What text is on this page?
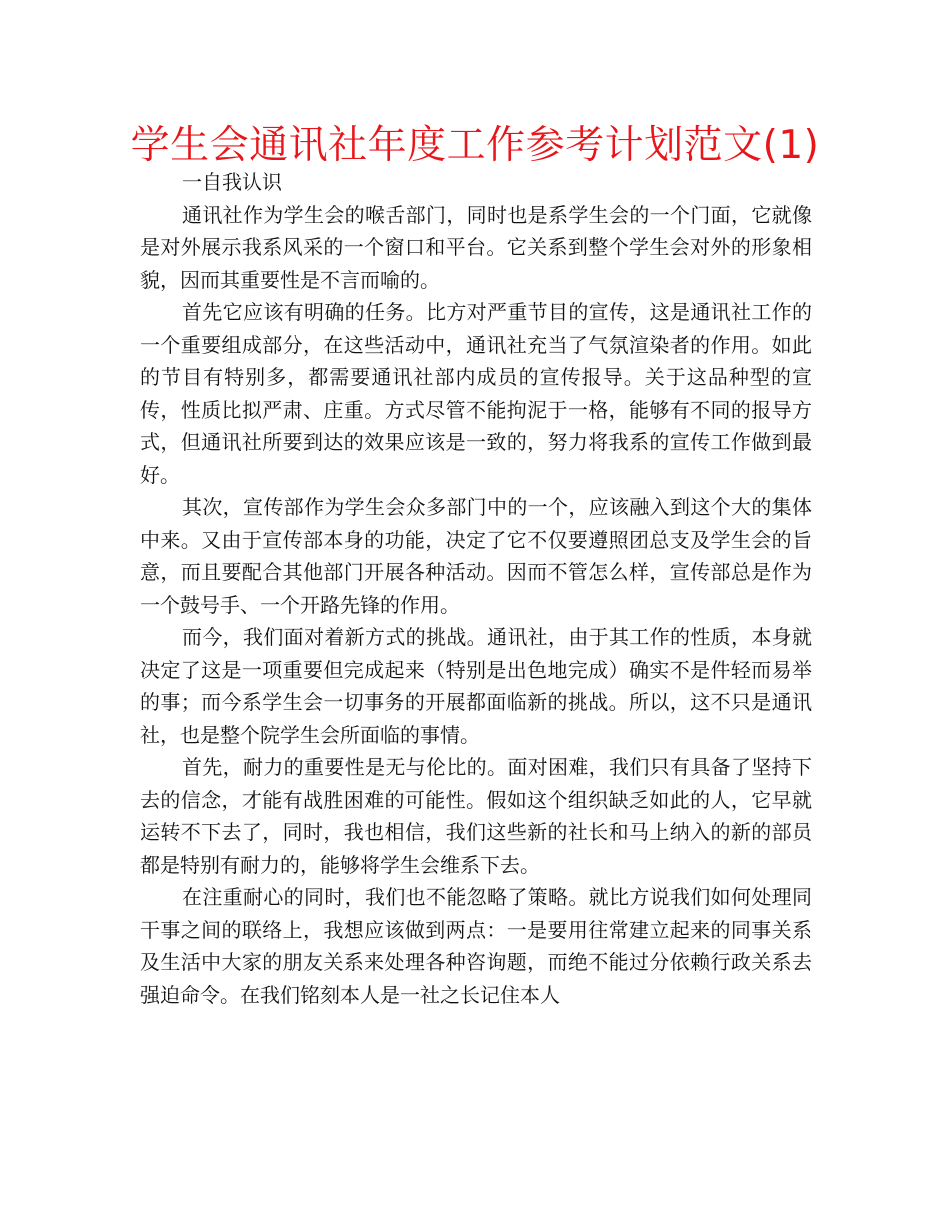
学生会通讯社年度工作参考计划范文(1)

一自我认识

通讯社作为学生会的喉舌部门，同时也是系学生会的一个门面，它就像是对外展示我系风采的一个窗口和平台。它关系到整个学生会对外的形象相貌，因而其重要性是不言而喻的。

首先它应该有明确的任务。比方对严重节目的宣传，这是通讯社工作的一个重要组成部分，在这些活动中，通讯社充当了气氛渲染者的作用。如此的节目有特别多，都需要通讯社部内成员的宣传报导。关于这品种型的宣传，性质比拟严肃、庄重。方式尽管不能拘泥于一格，能够有不同的报导方式，但通讯社所要到达的效果应该是一致的，努力将我系的宣传工作做到最好。

其次，宣传部作为学生会众多部门中的一个，应该融入到这个大的集体中来。又由于宣传部本身的功能，决定了它不仅要遵照团总支及学生会的旨意，而且要配合其他部门开展各种活动。因而不管怎么样，宣传部总是作为一个鼓号手、一个开路先锋的作用。

而今，我们面对着新方式的挑战。通讯社，由于其工作的性质，本身就决定了这是一项重要但完成起来（特别是出色地完成）确实不是件轻而易举的事；而今系学生会一切事务的开展都面临新的挑战。所以，这不只是通讯社，也是整个院学生会所面临的事情。

首先，耐力的重要性是无与伦比的。面对困难，我们只有具备了坚持下去的信念，才能有战胜困难的可能性。假如这个组织缺乏如此的人，它早就运转不下去了，同时，我也相信，我们这些新的社长和马上纳入的新的部员都是特别有耐力的，能够将学生会维系下去。

在注重耐心的同时，我们也不能忽略了策略。就比方说我们如何处理同干事之间的联络上，我想应该做到两点：一是要用往常建立起来的同事关系及生活中大家的朋友关系来处理各种咨询题，而绝不能过分依赖行政关系去强迫命令。在我们铭刻本人是一社之长记住本人
